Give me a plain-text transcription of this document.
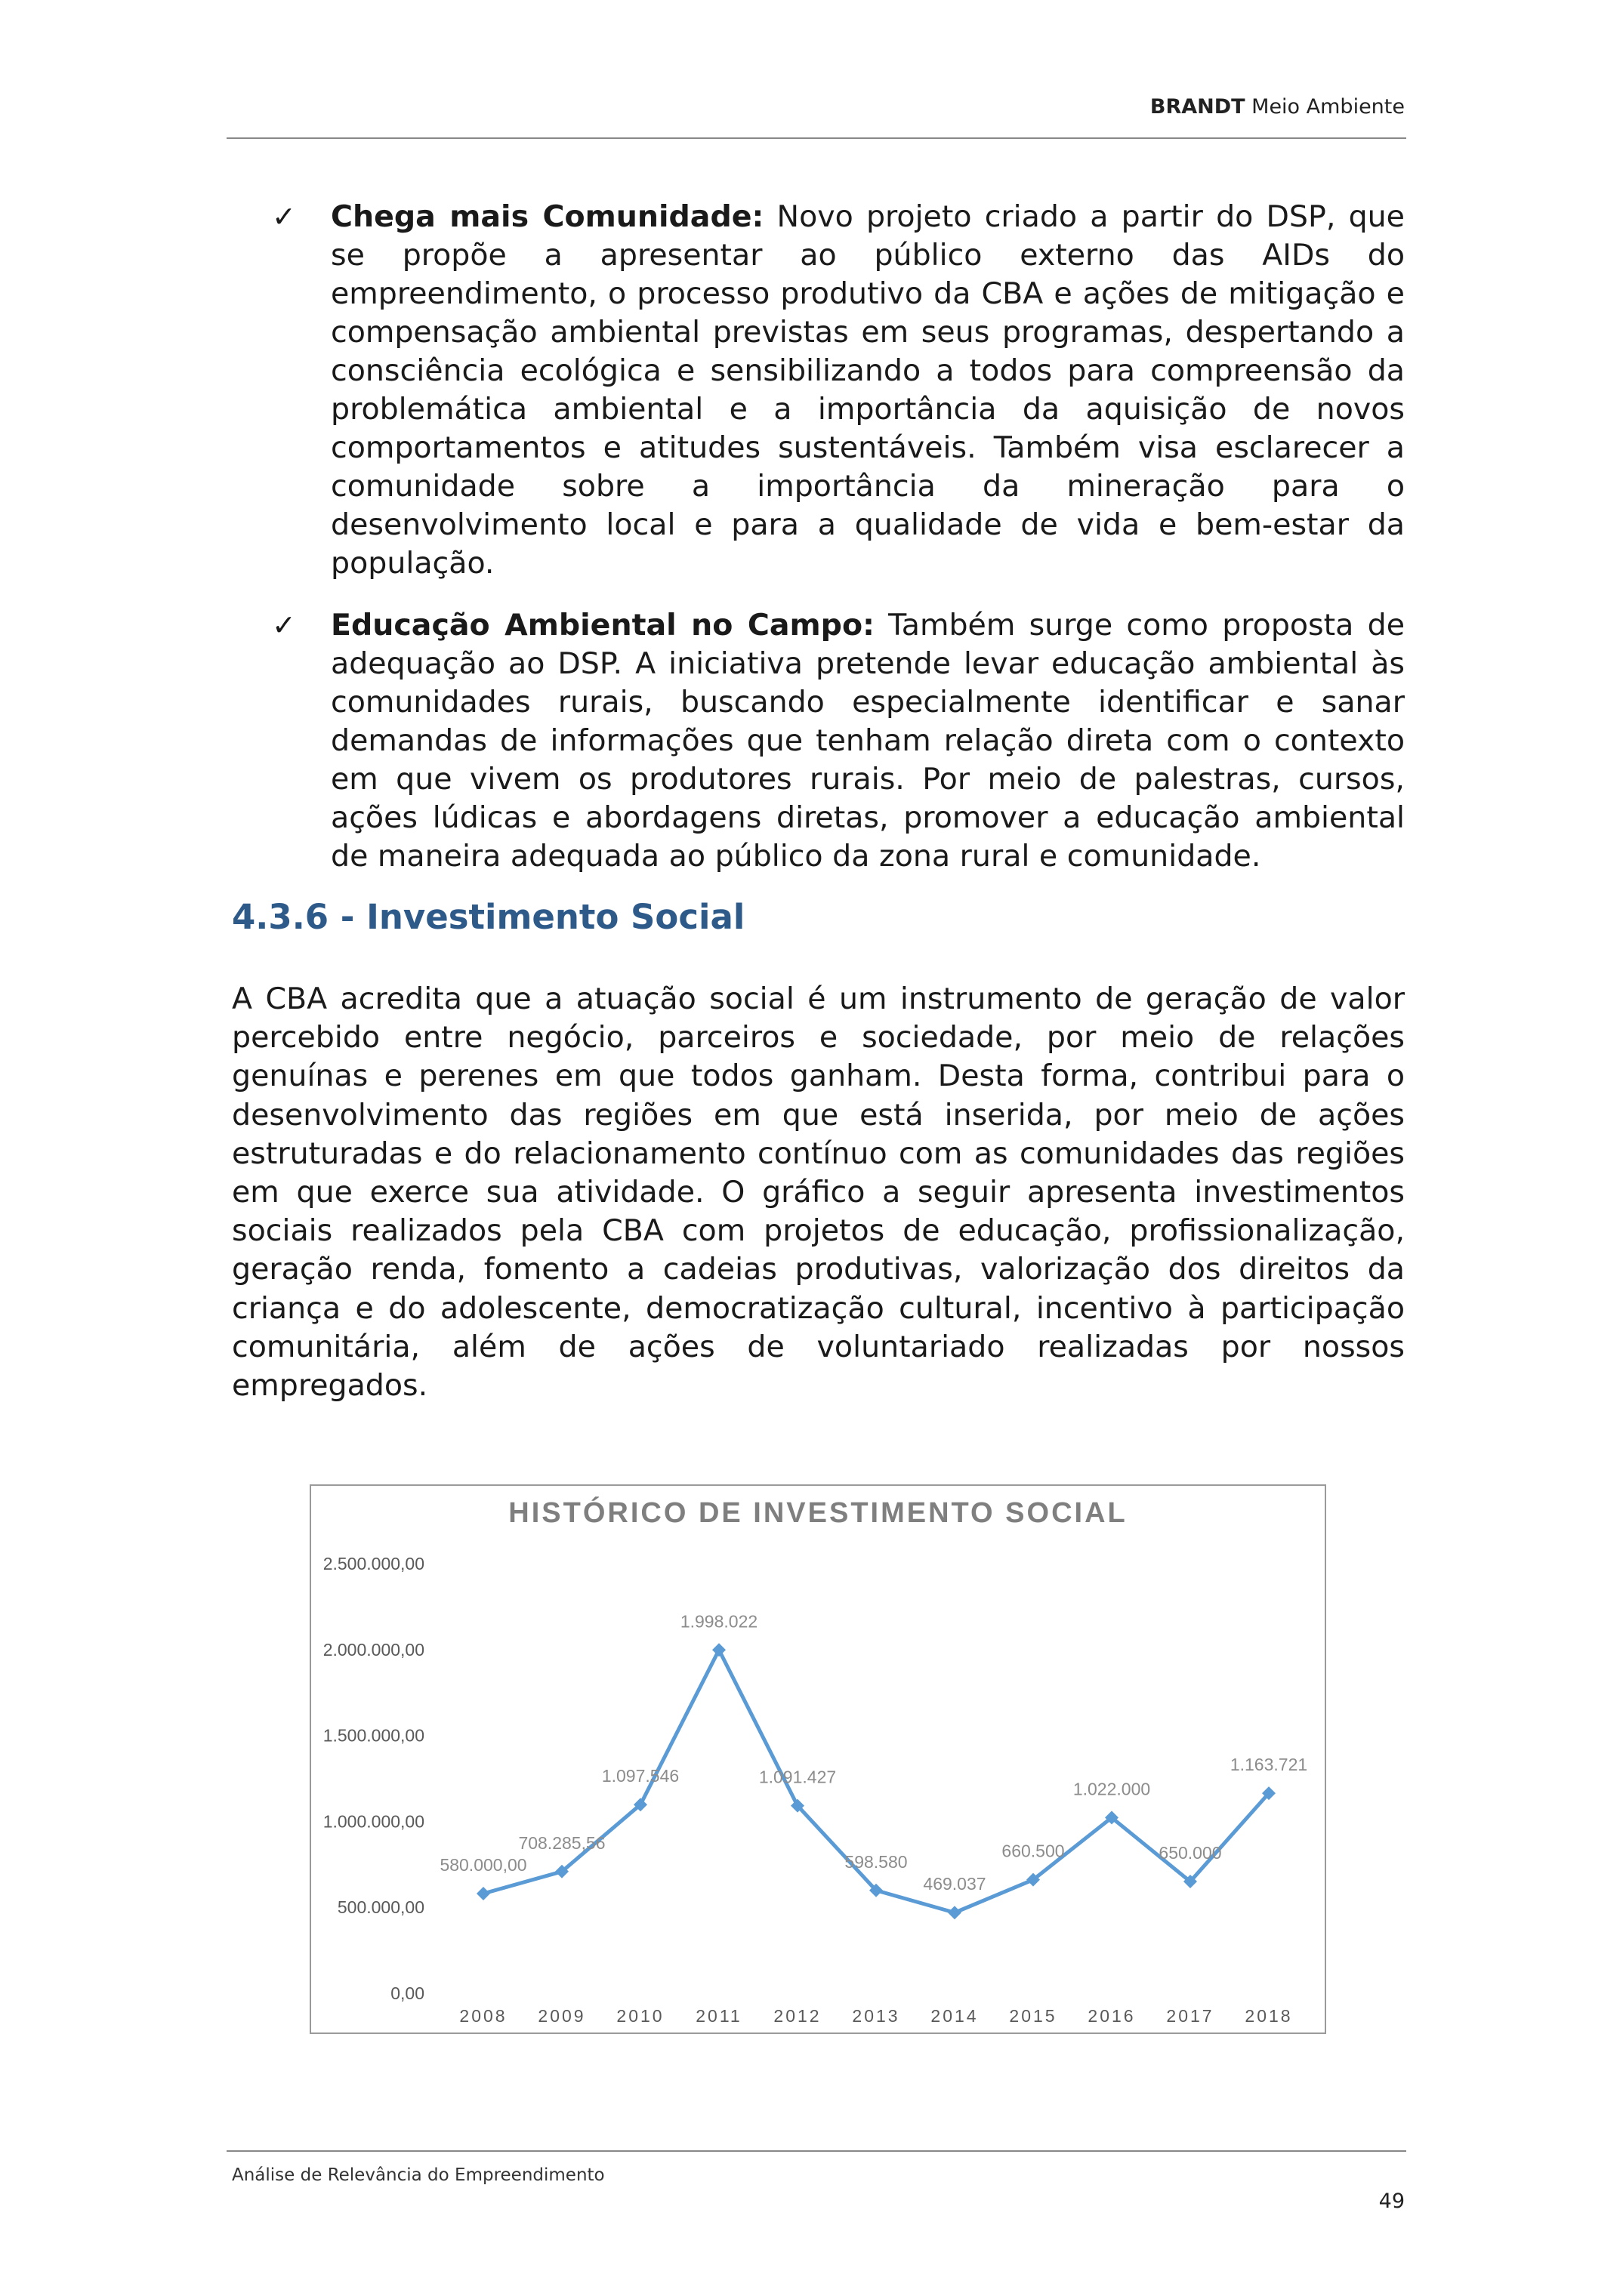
BRANDT Meio Ambiente
✓ Chega mais Comunidade: Novo projeto criado a partir do DSP, que se propõe a apresentar ao público externo das AIDs do empreendimento, o processo produtivo da CBA e ações de mitigação e compensação ambiental previstas em seus programas, despertando a consciência ecológica e sensibilizando a todos para compreensão da problemática ambiental e a importância da aquisição de novos comportamentos e atitudes sustentáveis. Também visa esclarecer a comunidade sobre a importância da mineração para o desenvolvimento local e para a qualidade de vida e bem-estar da população.
✓ Educação Ambiental no Campo: Também surge como proposta de adequação ao DSP. A iniciativa pretende levar educação ambiental às comunidades rurais, buscando especialmente identificar e sanar demandas de informações que tenham relação direta com o contexto em que vivem os produtores rurais. Por meio de palestras, cursos, ações lúdicas e abordagens diretas, promover a educação ambiental de maneira adequada ao público da zona rural e comunidade.
4.3.6 - Investimento Social
A CBA acredita que a atuação social é um instrumento de geração de valor percebido entre negócio, parceiros e sociedade, por meio de relações genuínas e perenes em que todos ganham. Desta forma, contribui para o desenvolvimento das regiões em que está inserida, por meio de ações estruturadas e do relacionamento contínuo com as comunidades das regiões em que exerce sua atividade. O gráfico a seguir apresenta investimentos sociais realizados pela CBA com projetos de educação, profissionalização, geração renda, fomento a cadeias produtivas, valorização dos direitos da criança e do adolescente, democratização cultural, incentivo à participação comunitária, além de ações de voluntariado realizadas por nossos empregados.
HISTÓRICO DE INVESTIMENTO SOCIAL
0,00
500.000,00
1.000.000,00
1.500.000,00
2.000.000,00
2.500.000,00
2008 2009 2010 2011 2012 2013 2014 2015 2016 2017 2018
580.000,00
708.285,56
1.097.546
1.998.022
1.091.427
598.580
469.037
660.500
1.022.000
650.000
1.163.721
Análise de Relevância do Empreendimento
49
